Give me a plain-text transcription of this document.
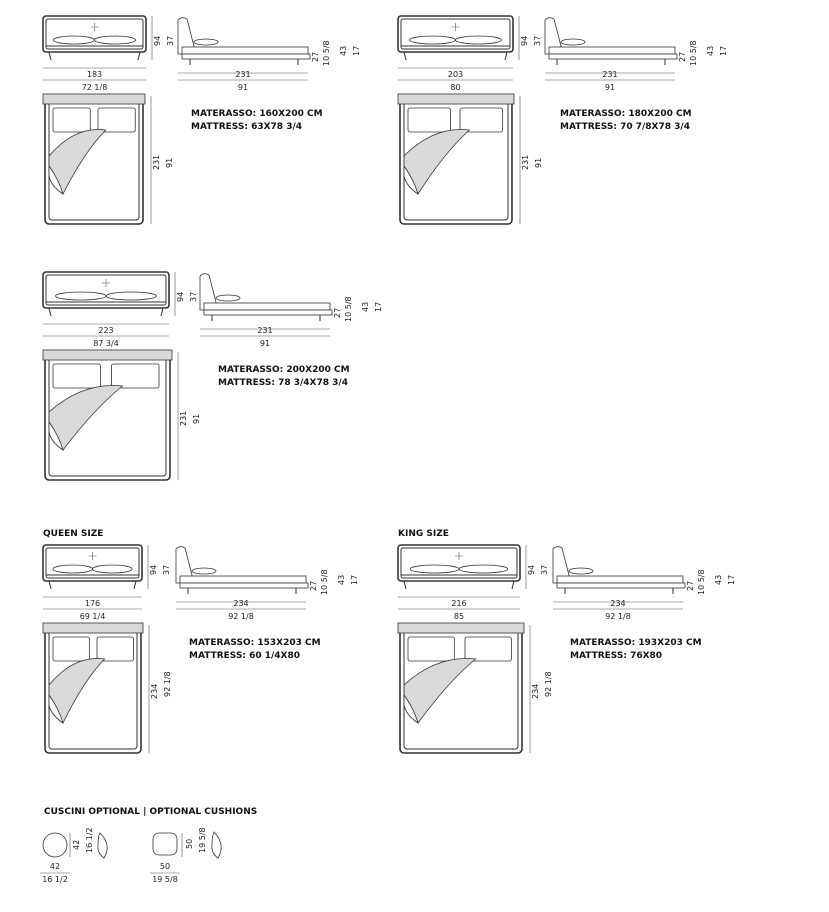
94 37
183
72 1/8
231
91
27 10 5/8 43 17
231 91
MATERASSO: 160X200 CM
MATTRESS: 63X78 3/4
94 37
203
80
231
91
27 10 5/8 43 17
231 91
MATERASSO: 180X200 CM
MATTRESS: 70 7/8X78 3/4
94 37
223
87 3/4
231
91
27 10 5/8 43 17
231 91
MATERASSO: 200X200 CM
MATTRESS: 78 3/4X78 3/4
QUEEN SIZE
94 37
176
69 1/4
234
92 1/8
27 10 5/8 43 17
234 92 1/8
MATERASSO: 153X203 CM
MATTRESS: 60 1/4X80
KING SIZE
94 37
216
85
234
92 1/8
27 10 5/8 43 17
234 92 1/8
MATERASSO: 193X203 CM
MATTRESS: 76X80
CUSCINI OPTIONAL | OPTIONAL CUSHIONS
42 16 1/2
42
16 1/2
50 19 5/8
50
19 5/8
